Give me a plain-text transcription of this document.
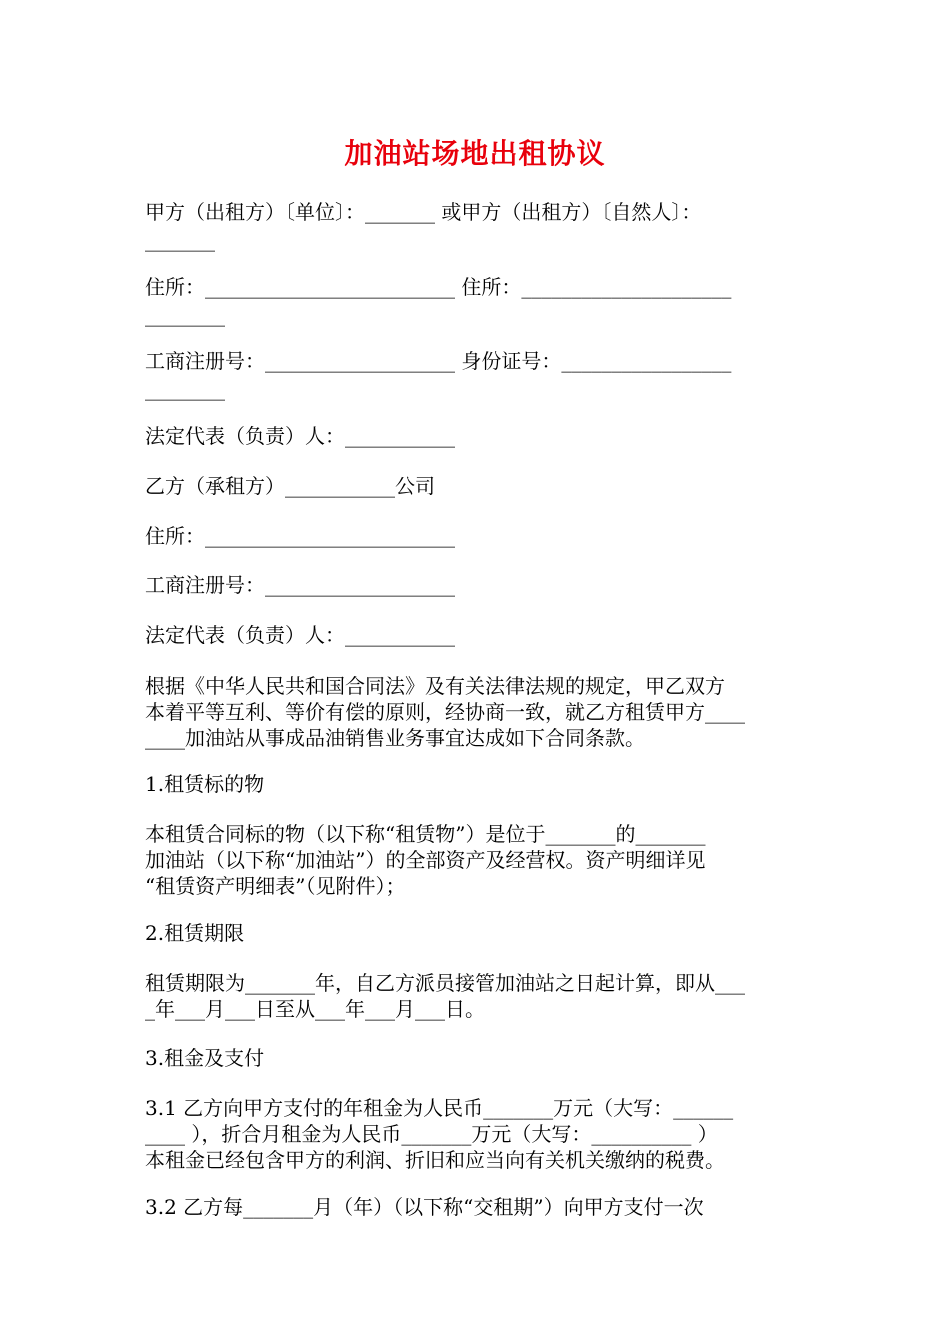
加油站场地出租协议
甲方（出租方）〔单位〕：_______ 或甲方（出租方）〔自然人〕：
_______
住所：_________________________ 住所：_____________________
________
工商注册号：___________________ 身份证号：_________________
________
法定代表（负责）人：___________
乙方（承租方）___________公司
住所：_________________________
工商注册号：___________________
法定代表（负责）人：___________
根据《中华人民共和国合同法》及有关法律法规的规定，甲乙双方
本着平等互利、等价有偿的原则，经协商一致，就乙方租赁甲方____
____加油站从事成品油销售业务事宜达成如下合同条款。
1.租赁标的物
本租赁合同标的物（以下称“租赁物”）是位于_______的_______
加油站（以下称“加油站”）的全部资产及经营权。资产明细详见
“租赁资产明细表”（见附件）；
2.租赁期限
租赁期限为_______年，自乙方派员接管加油站之日起计算，即从___
_年___月___日至从___年___月___日。
3.租金及支付
3.1 乙方向甲方支付的年租金为人民币_______万元（大写：______
____ ），折合月租金为人民币_______万元（大写：__________ ）
本租金已经包含甲方的利润、折旧和应当向有关机关缴纳的税费。
3.2 乙方每_______月（年）（以下称“交租期”）向甲方支付一次
